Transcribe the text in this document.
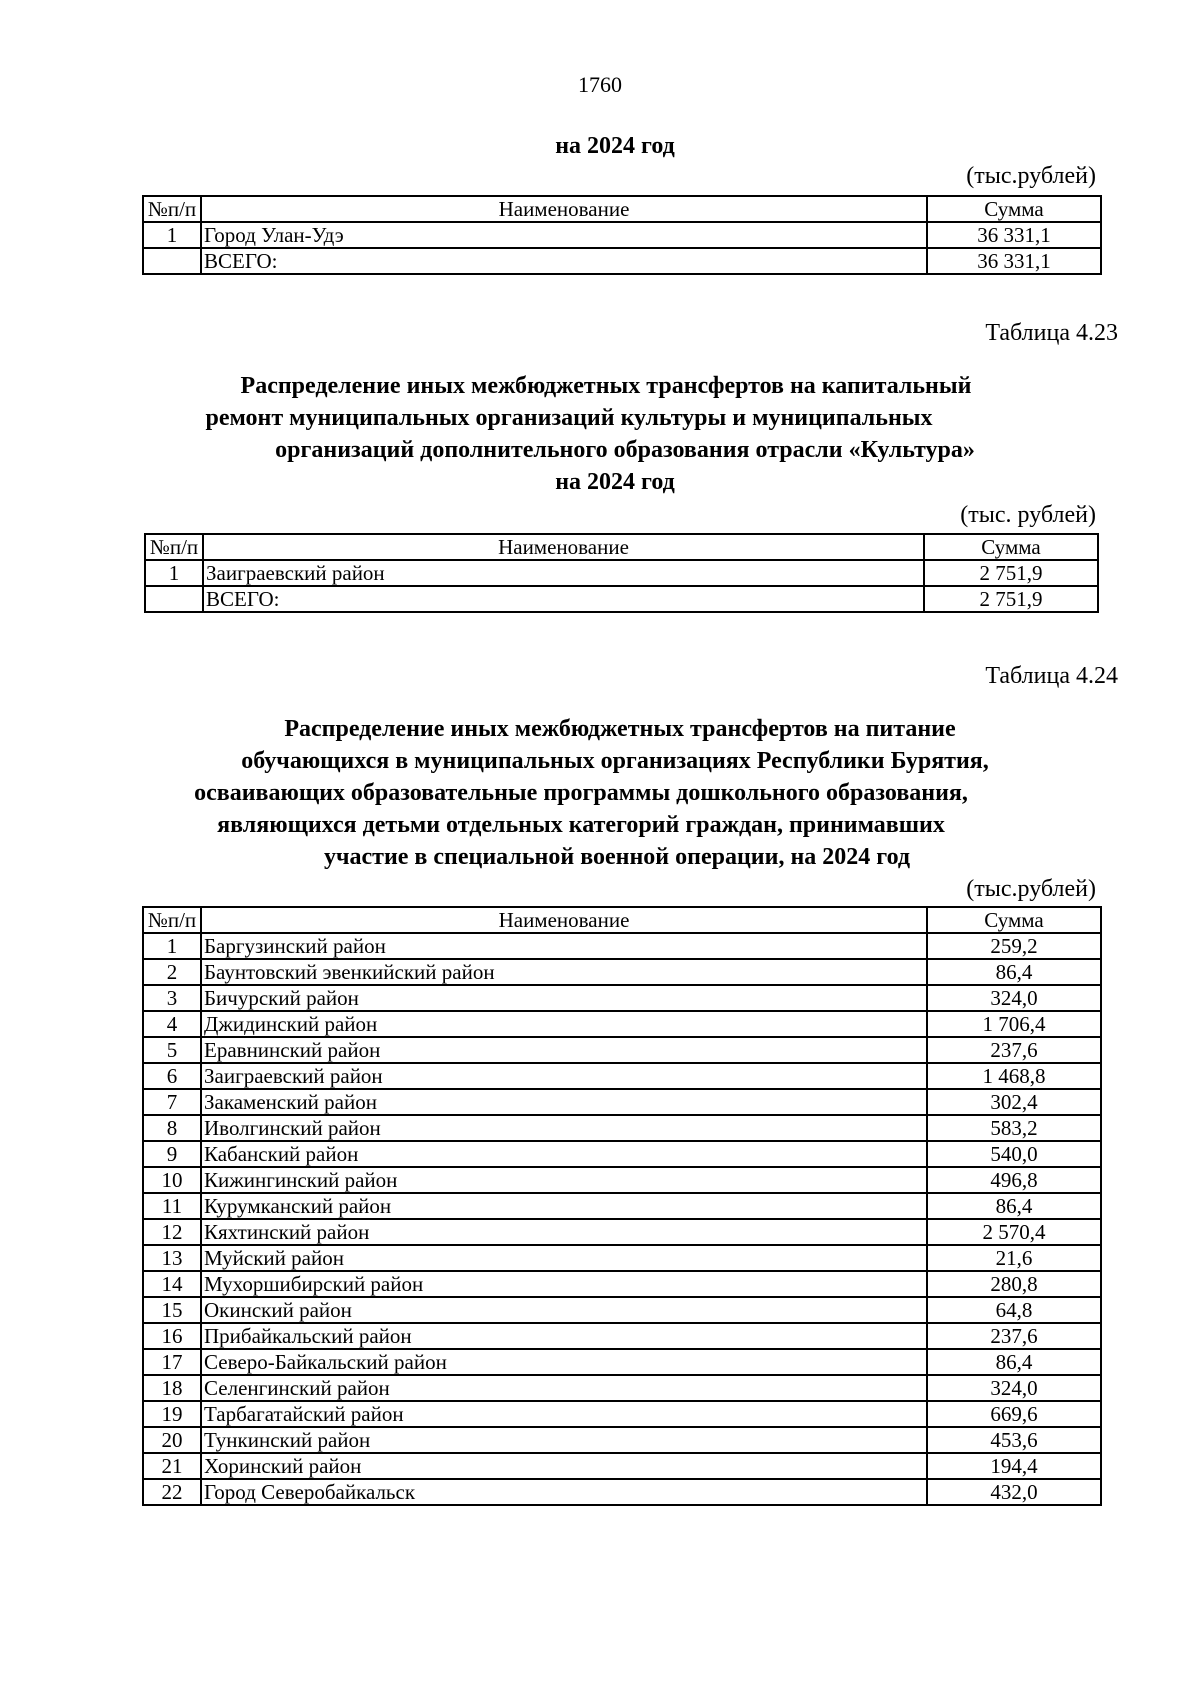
1760
на 2024 год
(тыс.рублей)
№п/п	Наименование	Сумма
1	Город Улан-Удэ	36 331,1
	ВСЕГО:	36 331,1
Таблица 4.23
Распределение иных межбюджетных трансфертов на капитальный
ремонт муниципальных организаций культуры и муниципальных
организаций дополнительного образования отрасли «Культура»
на 2024 год
(тыс. рублей)
№п/п	Наименование	Сумма
1	Заиграевский район	2 751,9
	ВСЕГО:	2 751,9
Таблица 4.24
Распределение иных межбюджетных трансфертов на питание
обучающихся в муниципальных организациях Республики Бурятия,
осваивающих образовательные программы дошкольного образования,
являющихся детьми отдельных категорий граждан, принимавших
участие в специальной военной операции, на 2024 год
(тыс.рублей)
№п/п	Наименование	Сумма
1	Баргузинский район	259,2
2	Баунтовский эвенкийский район	86,4
3	Бичурский район	324,0
4	Джидинский район	1 706,4
5	Еравнинский район	237,6
6	Заиграевский район	1 468,8
7	Закаменский район	302,4
8	Иволгинский район	583,2
9	Кабанский район	540,0
10	Кижингинский район	496,8
11	Курумканский район	86,4
12	Кяхтинский район	2 570,4
13	Муйский район	21,6
14	Мухоршибирский район	280,8
15	Окинский район	64,8
16	Прибайкальский район	237,6
17	Северо-Байкальский район	86,4
18	Селенгинский район	324,0
19	Тарбагатайский район	669,6
20	Тункинский район	453,6
21	Хоринский район	194,4
22	Город Северобайкальск	432,0
